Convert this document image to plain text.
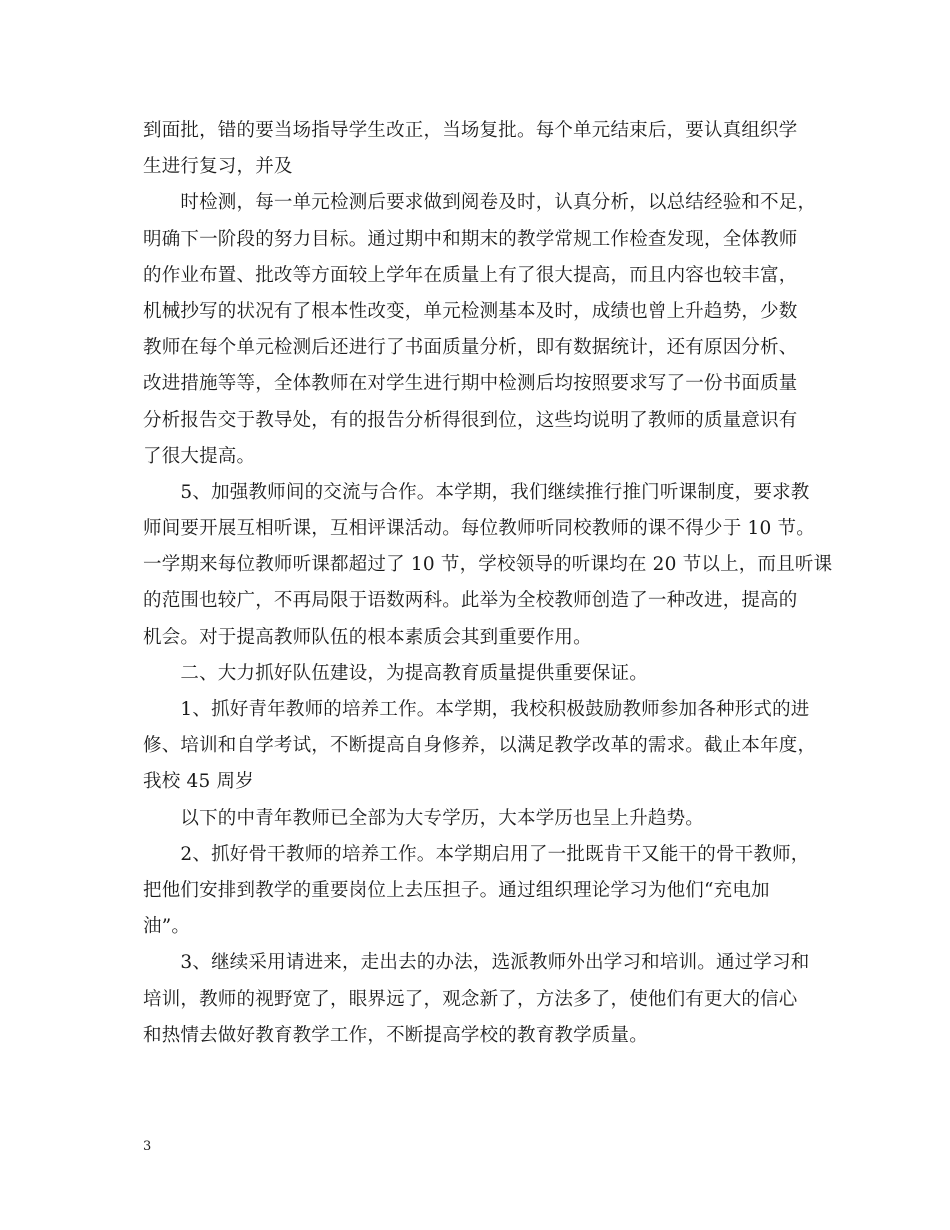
到面批，错的要当场指导学生改正，当场复批。每个单元结束后，要认真组织学
生进行复习，并及

　　时检测，每一单元检测后要求做到阅卷及时，认真分析，以总结经验和不足，
明确下一阶段的努力目标。通过期中和期末的教学常规工作检查发现，全体教师
的作业布置、批改等方面较上学年在质量上有了很大提高，而且内容也较丰富，
机械抄写的状况有了根本性改变，单元检测基本及时，成绩也曾上升趋势，少数
教师在每个单元检测后还进行了书面质量分析，即有数据统计，还有原因分析、
改进措施等等，全体教师在对学生进行期中检测后均按照要求写了一份书面质量
分析报告交于教导处，有的报告分析得很到位，这些均说明了教师的质量意识有
了很大提高。

　　5、加强教师间的交流与合作。本学期，我们继续推行推门听课制度，要求教
师间要开展互相听课，互相评课活动。每位教师听同校教师的课不得少于 10 节。
一学期来每位教师听课都超过了 10 节，学校领导的听课均在 20 节以上，而且听课
的范围也较广，不再局限于语数两科。此举为全校教师创造了一种改进，提高的
机会。对于提高教师队伍的根本素质会其到重要作用。

　　二、大力抓好队伍建设，为提高教育质量提供重要保证。

　　1、抓好青年教师的培养工作。本学期，我校积极鼓励教师参加各种形式的进
修、培训和自学考试，不断提高自身修养，以满足教学改革的需求。截止本年度，
我校 45 周岁

　　以下的中青年教师已全部为大专学历，大本学历也呈上升趋势。

　　2、抓好骨干教师的培养工作。本学期启用了一批既肯干又能干的骨干教师，
把他们安排到教学的重要岗位上去压担子。通过组织理论学习为他们“充电加
油”。

　　3、继续采用请进来，走出去的办法，选派教师外出学习和培训。通过学习和
培训，教师的视野宽了，眼界远了，观念新了，方法多了，使他们有更大的信心
和热情去做好教育教学工作，不断提高学校的教育教学质量。

3
